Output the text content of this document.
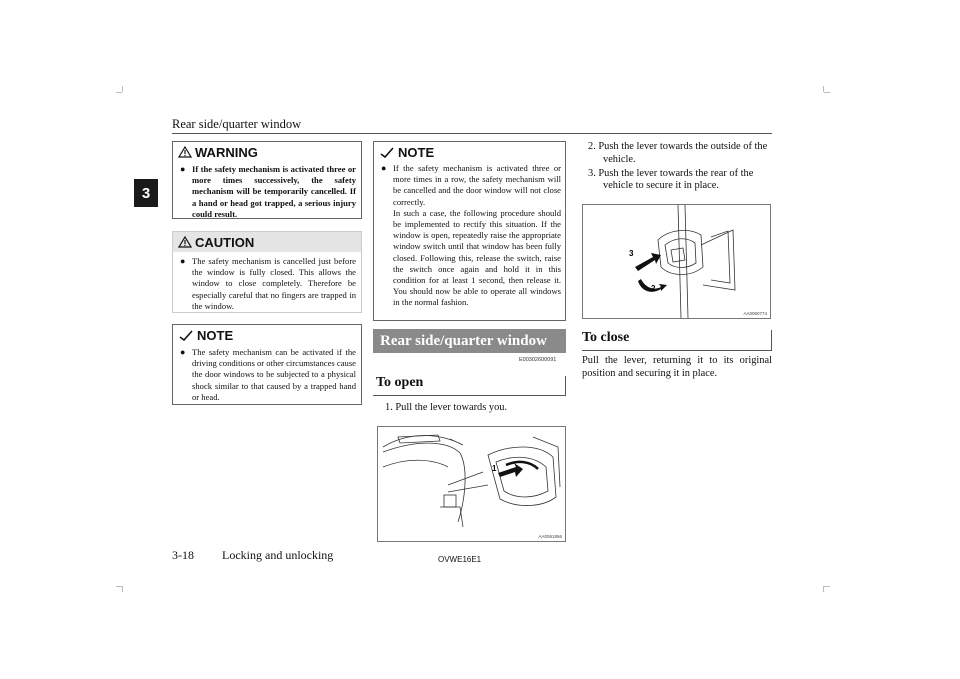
Rear side/quarter window
3
WARNING
● If the safety mechanism is activated three or more times successively, the safety mechanism will be temporarily cancelled. If a hand or head got trapped, a serious injury could result.
CAUTION
● The safety mechanism is cancelled just before the window is fully closed. This allows the window to close completely. Therefore be especially careful that no fingers are trapped in the window.
NOTE
● The safety mechanism can be activated if the driving conditions or other circumstances cause the door windows to be subjected to a physical shock similar to that caused by a trapped hand or head.
NOTE
● If the safety mechanism is activated three or more times in a row, the safety mechanism will be cancelled and the door window will not close correctly.
In such a case, the following procedure should be implemented to rectify this situation. If the window is open, repeatedly raise the appropriate window switch until that window has been fully closed. Following this, release the switch, raise the switch once again and hold it in this condition for at least 1 second, then release it. You should now be able to operate all windows in the normal fashion.
Rear side/quarter window
E00302600091
To open
1. Pull the lever towards you.
1
AA0061856
2. Push the lever towards the outside of the vehicle.
3. Push the lever towards the rear of the vehicle to secure it in place.
3
2
AA0060774
To close
Pull the lever, returning it to its original position and securing it in place.
3-18 Locking and unlocking	OVWE16E1
